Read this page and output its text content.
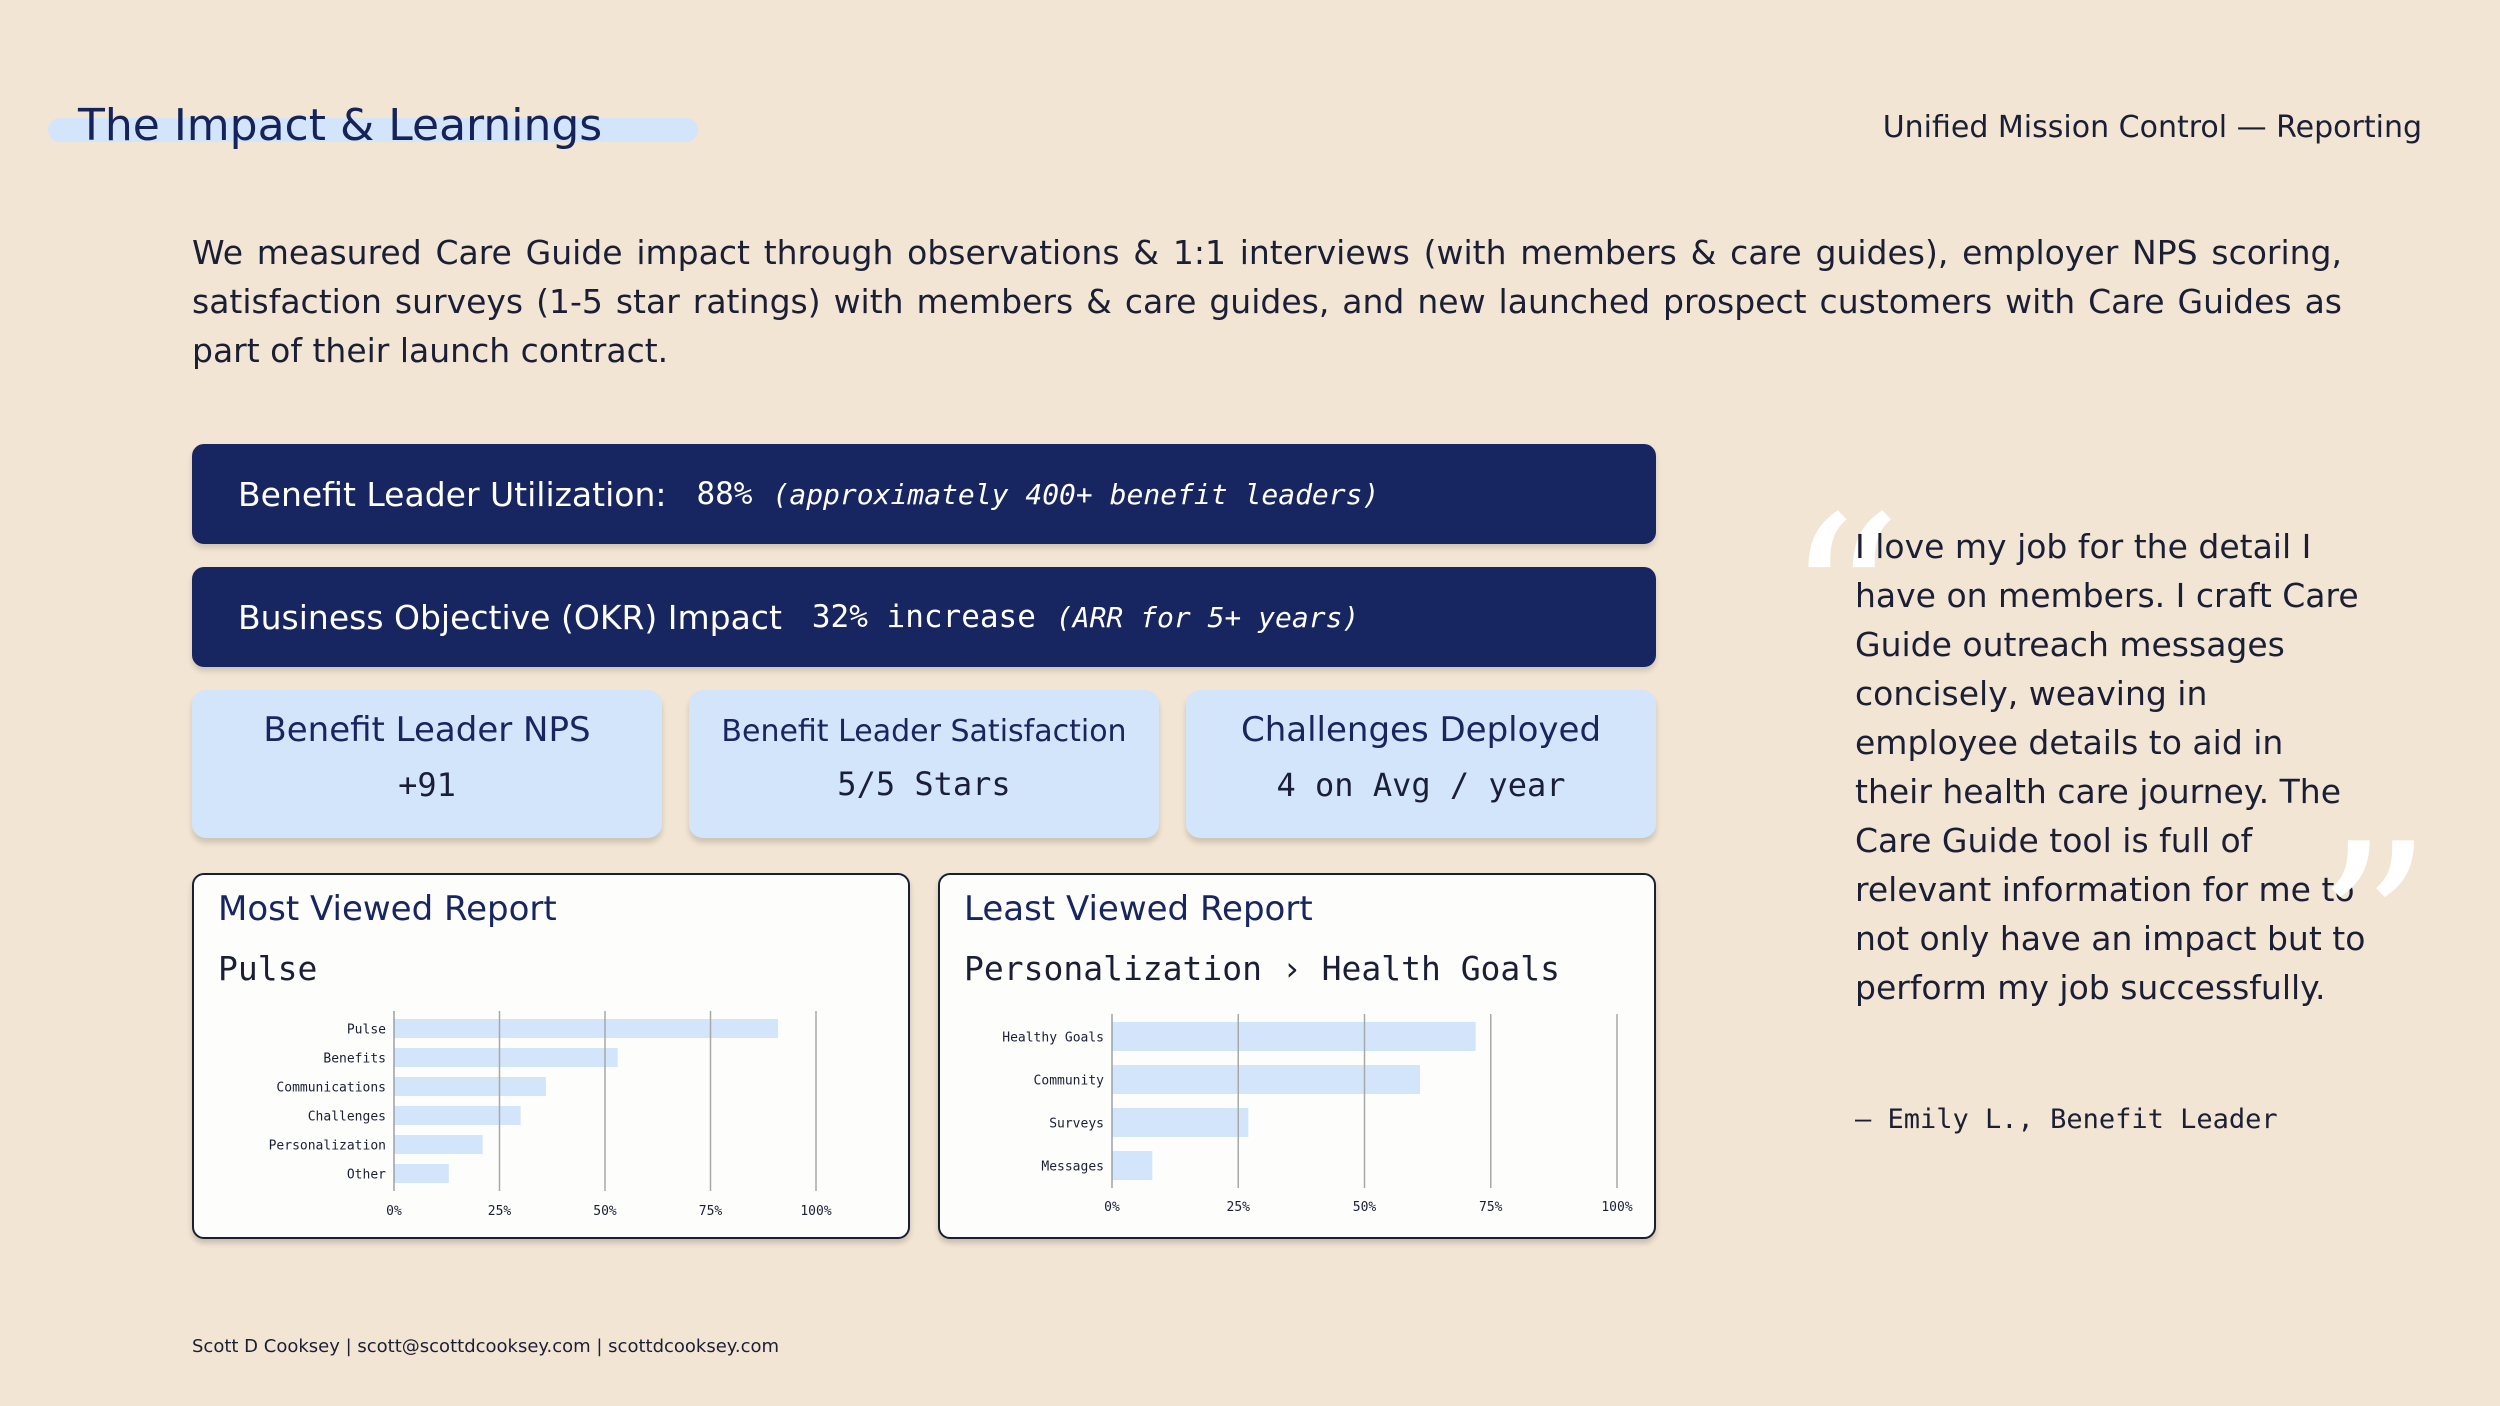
The Impact & Learnings	Unified Mission Control — Reporting

We measured Care Guide impact through observations & 1:1 interviews (with members & care guides), employer NPS scoring, satisfaction surveys (1-5 star ratings) with members & care guides, and new launched prospect customers with Care Guides as part of their launch contract.

Benefit Leader Utilization: 88% (approximately 400+ benefit leaders)
Business Objective (OKR) Impact 32% increase (ARR for 5+ years)
Benefit Leader NPS
+91
Benefit Leader Satisfaction
5/5 Stars
Challenges Deployed
4 on Avg / year
Most Viewed Report
Pulse
Pulse
Benefits
Communications
Challenges
Personalization
Other
0%	25%	50%	75%	100%
Least Viewed Report
Personalization › Health Goals
Healthy Goals
Community
Surveys
Messages
0%	25%	50%	75%	100%
“

I love my job for the detail I have on members. I craft Care Guide outreach messages concisely, weaving in employee details to aid in their health care journey. The Care Guide tool is full of relevant information for me to not only have an impact but to perform my job successfully.

”
— Emily L., Benefit Leader
Scott D Cooksey | scott@scottdcooksey.com | scottdcooksey.com
